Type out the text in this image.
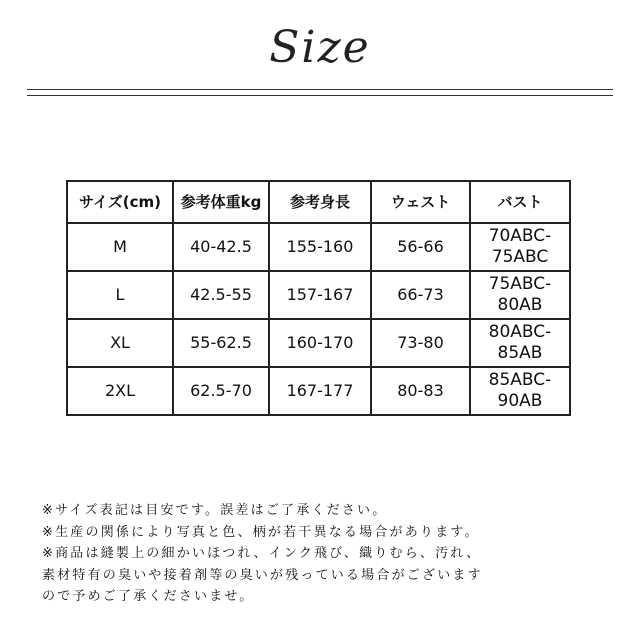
Size
サイズ(cm)	参考体重kg	参考身長	ウェスト	バスト
M	40-42.5	155-160	56-66	70ABC-
75ABC
L	42.5-55	157-167	66-73	75ABC-
80AB
XL	55-62.5	160-170	73-80	80ABC-
85AB
2XL	62.5-70	167-177	80-83	85ABC-
90AB
※サイズ表記は目安です。誤差はご了承ください。
※生産の関係により写真と色、柄が若干異なる場合があります。
※商品は縫製上の細かいほつれ、インク飛び、織りむら、汚れ、
素材特有の臭いや接着剤等の臭いが残っている場合がございます
ので予めご了承くださいませ。
